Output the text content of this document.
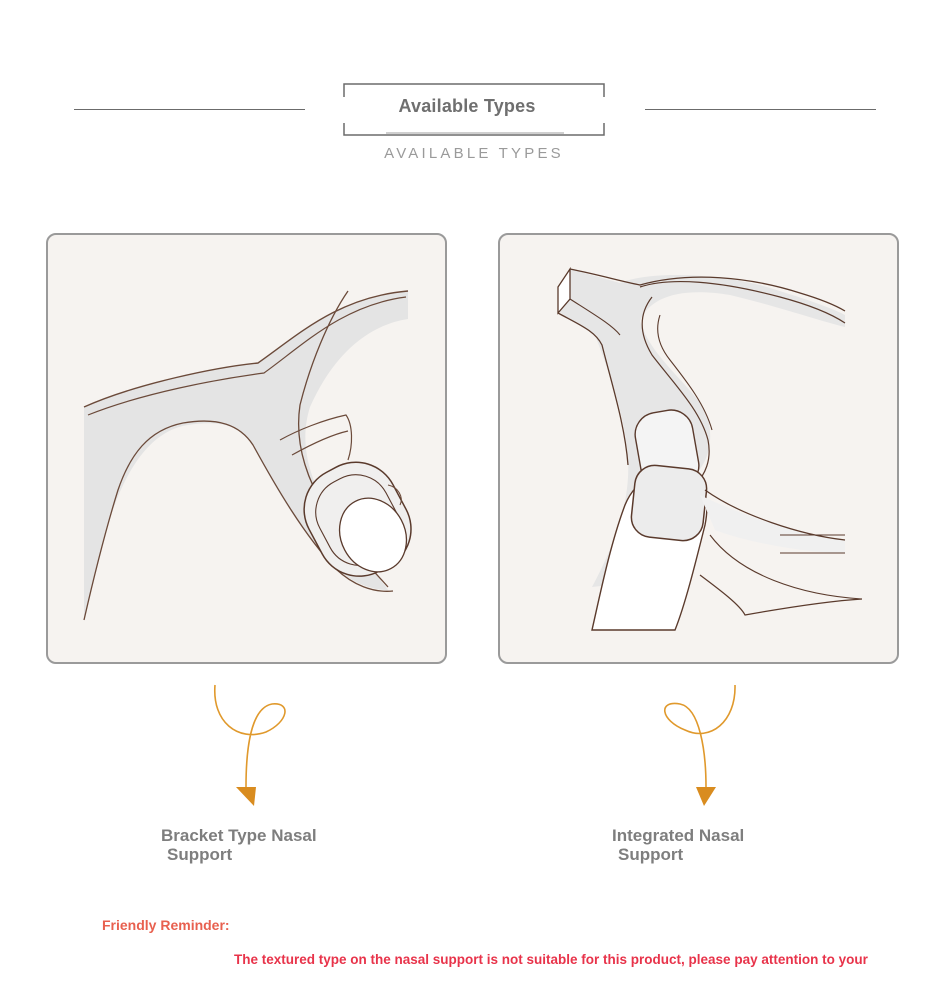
Available Types
AVAILABLE TYPES
Bracket Type Nasal
Support
Integrated Nasal
Support
Friendly Reminder:
The textured type on the nasal support is not suitable for this product, please pay attention to your
